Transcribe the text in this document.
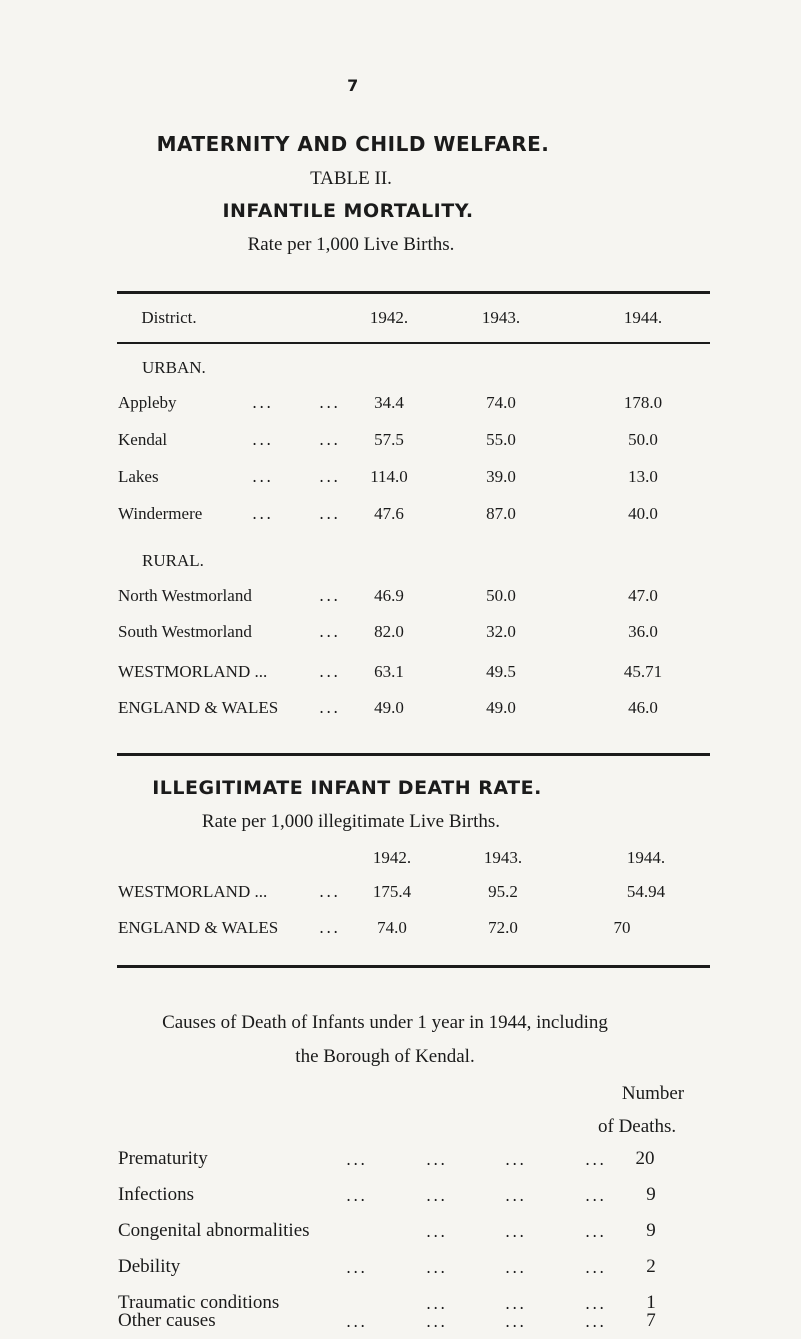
7
MATERNITY AND CHILD WELFARE.
TABLE II.
INFANTILE MORTALITY.
Rate per 1,000 Live Births.
District.	1942.	1943.	1944.
URBAN.
Appleby	...	... 34.4	74.0	178.0
Kendal	...	... 57.5	55.0	50.0
Lakes	...	... 114.0	39.0	13.0
Windermere	...	... 47.6	87.0	40.0
RURAL.
North Westmorland	... 46.9	50.0	47.0
South Westmorland	... 82.0	32.0	36.0
WESTMORLAND ...	... 63.1	49.5	45.71
ENGLAND & WALES	... 49.0	49.0	46.0
ILLEGITIMATE INFANT DEATH RATE.
Rate per 1,000 illegitimate Live Births.
1942.	1943.	1944.
WESTMORLAND ...	... 175.4	95.2	54.94
ENGLAND & WALES	... 74.0	72.0	70
Causes of Death of Infants under 1 year in 1944, including
the Borough of Kendal.
Number
of Deaths.
Prematurity	...	...	...	... 20
Infections	...	...	...	... 9
Congenital abnormalities	...	...	... 9
Debility	...	...	...	... 2
Traumatic conditions	...	...	... 1
Other causes	...	...	...	... 7
